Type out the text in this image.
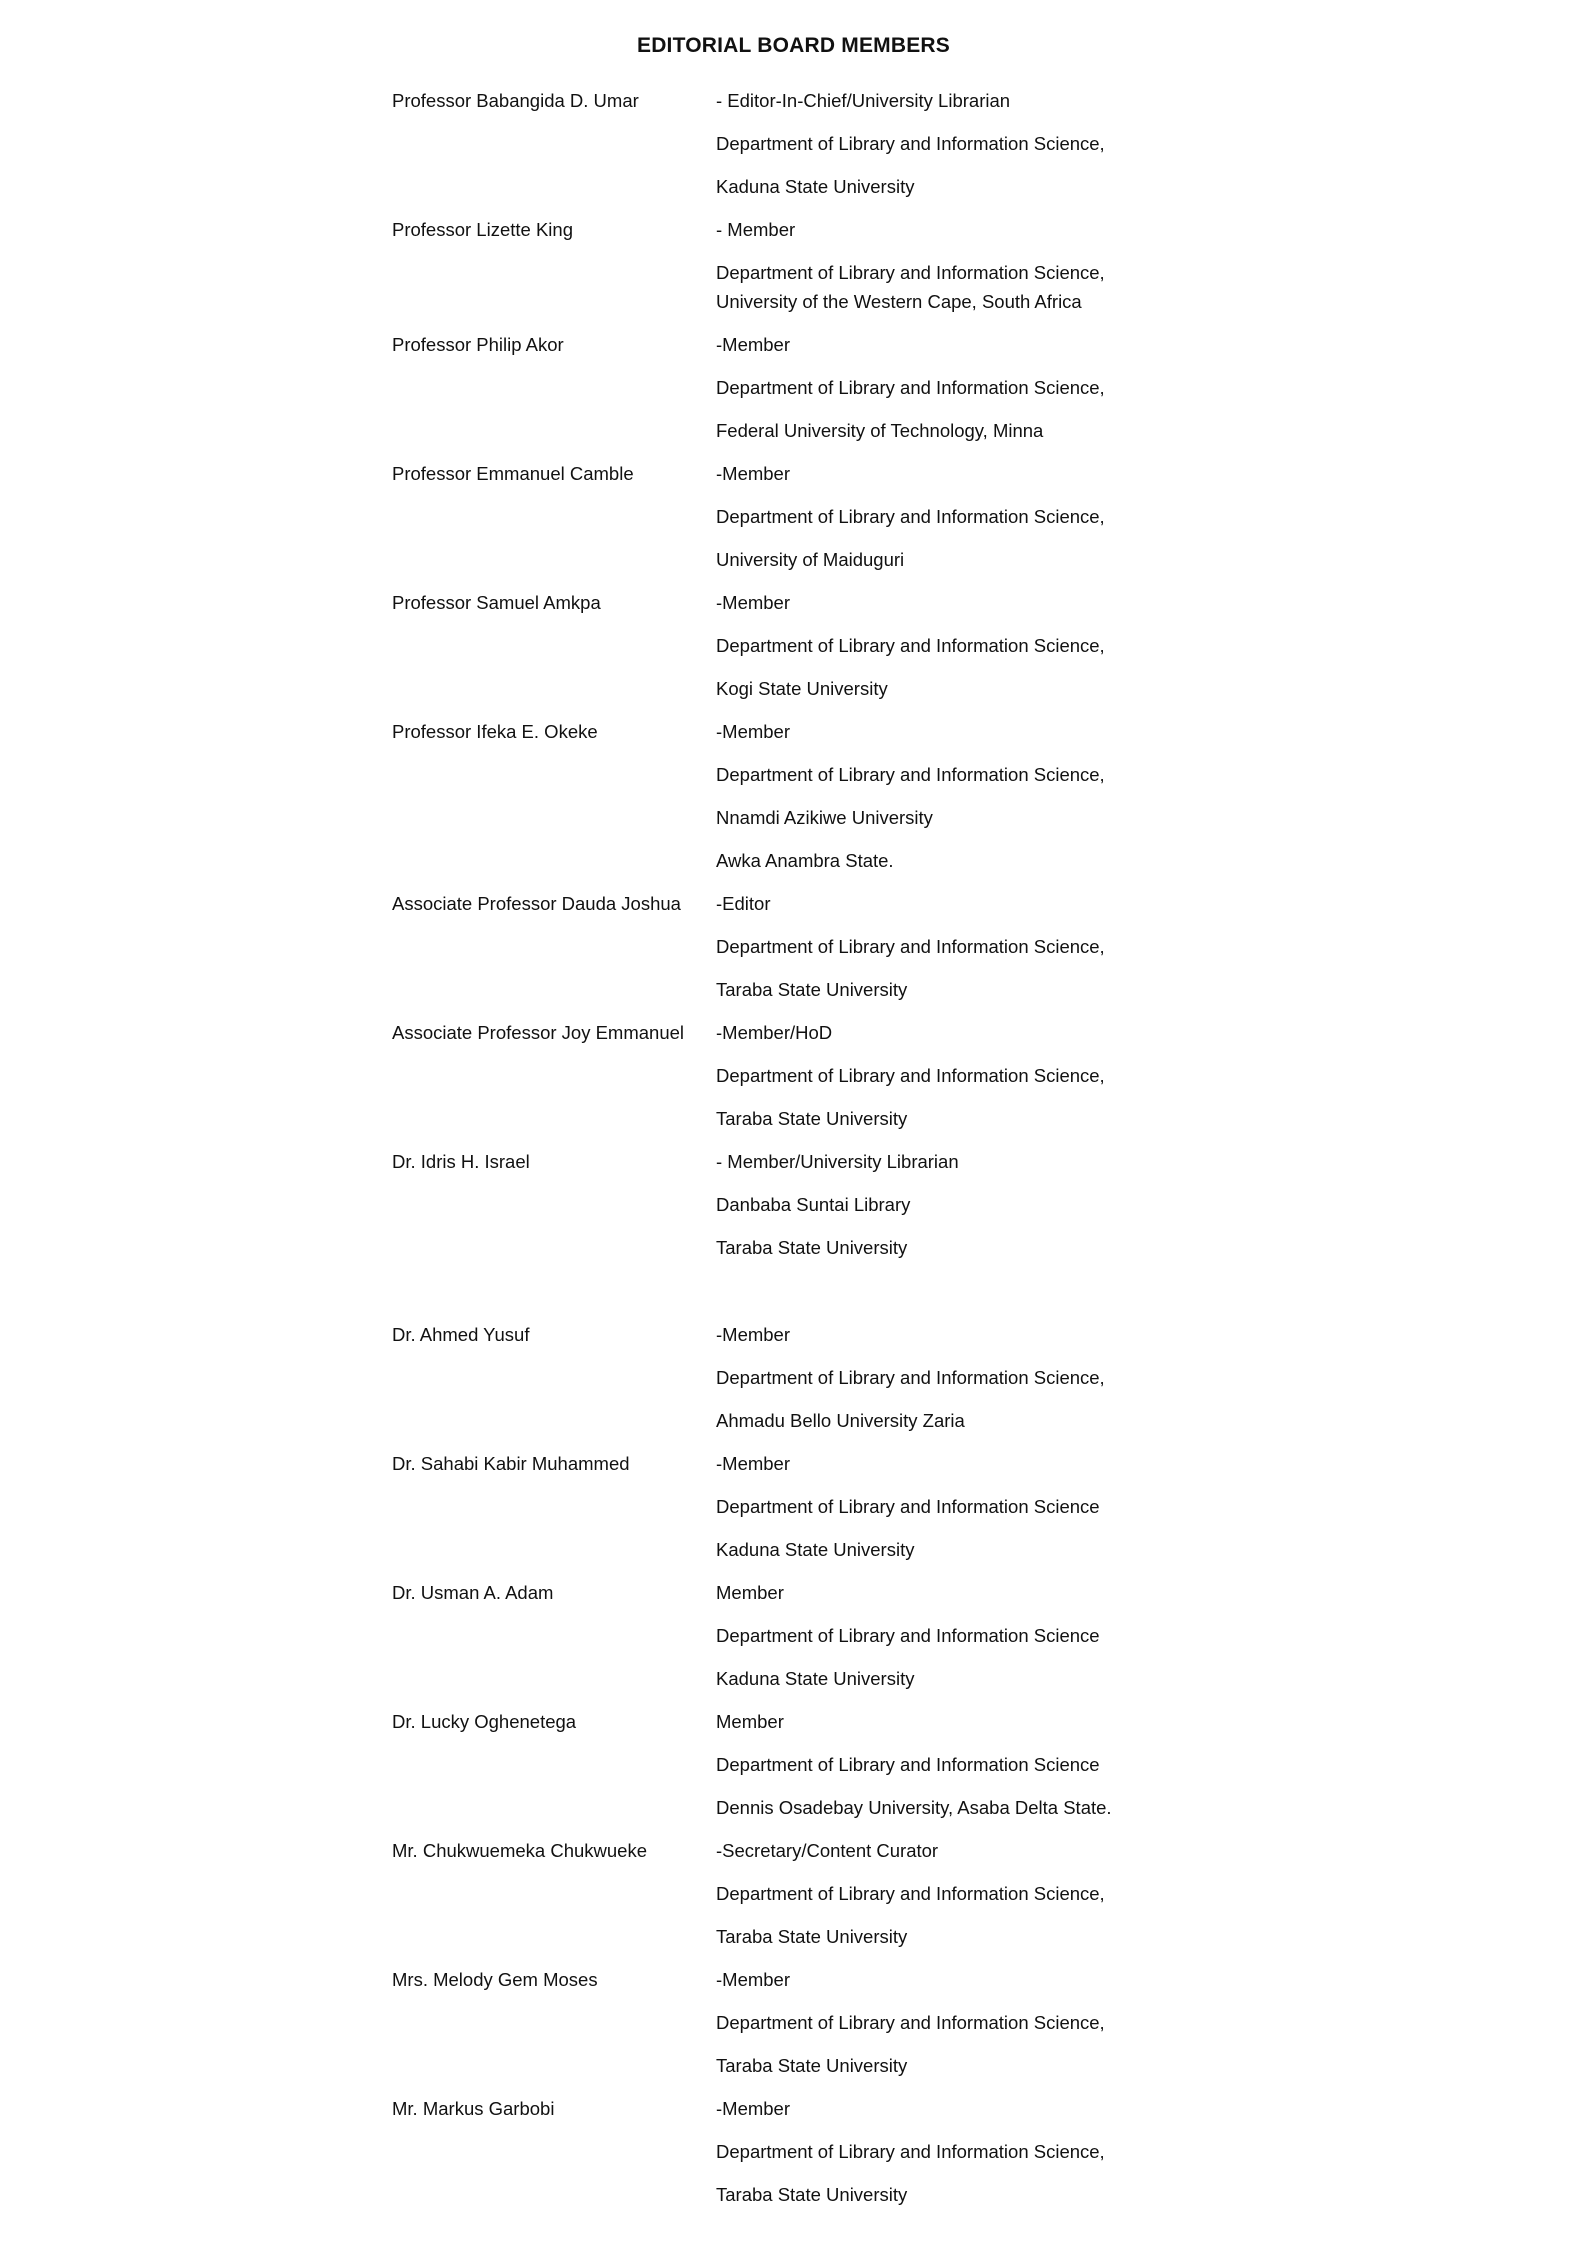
EDITORIAL BOARD MEMBERS
Professor Babangida D. Umar	- Editor-In-Chief/University Librarian
Department of Library and Information Science,
Kaduna State University
Professor Lizette King	- Member
Department of Library and Information Science,
University of the Western Cape, South Africa
Professor Philip Akor	-Member
Department of Library and Information Science,
Federal University of Technology, Minna
Professor Emmanuel Camble	-Member
Department of Library and Information Science,
University of Maiduguri
Professor Samuel Amkpa	-Member
Department of Library and Information Science,
Kogi State University
Professor Ifeka E. Okeke	-Member
Department of Library and Information Science,
Nnamdi Azikiwe University
Awka Anambra State.
Associate Professor Dauda Joshua	-Editor
Department of Library and Information Science,
Taraba State University
Associate Professor Joy Emmanuel	-Member/HoD
Department of Library and Information Science,
Taraba State University
Dr. Idris H. Israel	- Member/University Librarian
Danbaba Suntai Library
Taraba State University
Dr. Ahmed Yusuf	-Member
Department of Library and Information Science,
Ahmadu Bello University Zaria
Dr. Sahabi Kabir Muhammed	-Member
Department of Library and Information Science
Kaduna State University
Dr. Usman A. Adam	Member
Department of Library and Information Science
Kaduna State University
Dr. Lucky Oghenetega	Member
Department of Library and Information Science
Dennis Osadebay University, Asaba Delta State.
Mr. Chukwuemeka Chukwueke	-Secretary/Content Curator
Department of Library and Information Science,
Taraba State University
Mrs. Melody Gem Moses	-Member
Department of Library and Information Science,
Taraba State University
Mr. Markus Garbobi	-Member
Department of Library and Information Science,
Taraba State University
